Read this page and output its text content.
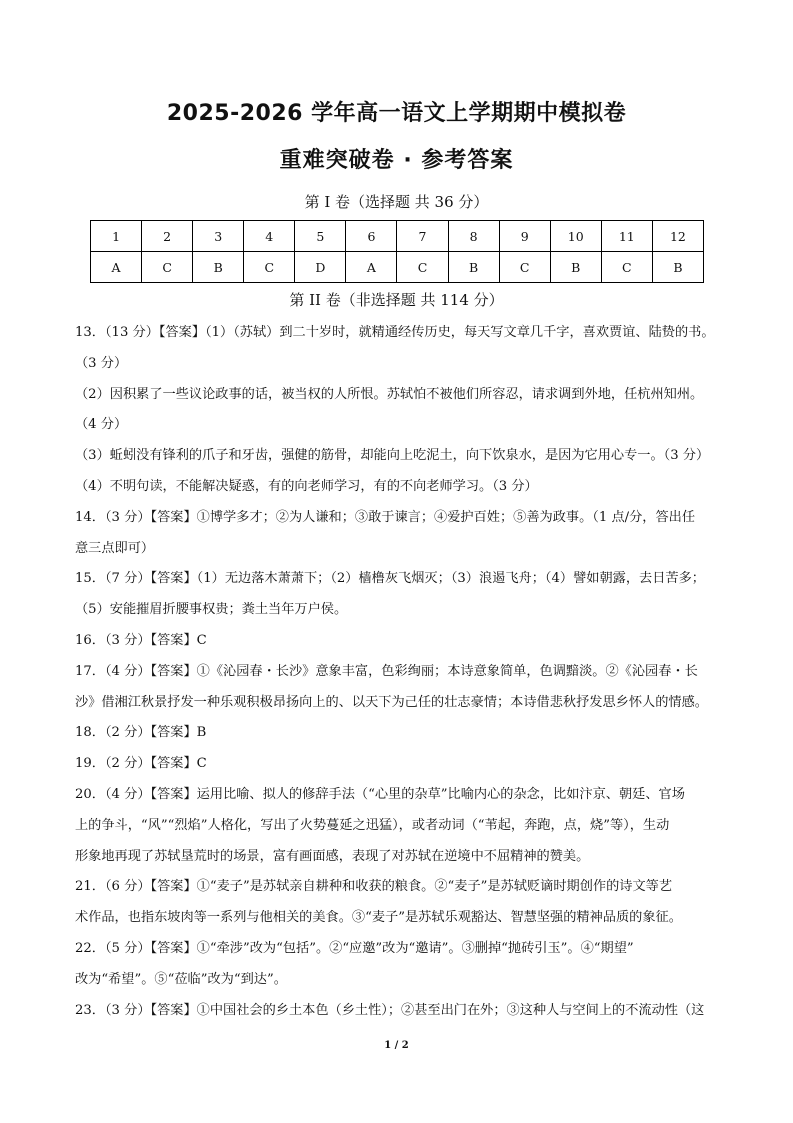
2025-2026 学年高一语文上学期期中模拟卷
重难突破卷 · 参考答案
第 I 卷（选择题 共 36 分）
1	2	3	4	5	6	7	8	9	10	11	12
A	C	B	C	D	A	C	B	C	B	C	B
第 II 卷（非选择题 共 114 分）

13．（13 分）【答案】（1）（苏轼）到二十岁时，就精通经传历史，每天写文章几千字，喜欢贾谊、陆贽的书。

（3 分）

（2）因积累了一些议论政事的话，被当权的人所恨。苏轼怕不被他们所容忍，请求调到外地，任杭州知州。

（4 分）

（3）蚯蚓没有锋利的爪子和牙齿，强健的筋骨，却能向上吃泥土，向下饮泉水，是因为它用心专一。（3 分）

（4）不明句读，不能解决疑惑，有的向老师学习，有的不向老师学习。（3 分）

14．（3 分）【答案】①博学多才；②为人谦和；③敢于谏言；④爱护百姓；⑤善为政事。（1 点/分，答出任

意三点即可）

15．（7 分）【答案】（1）无边落木萧萧下；（2）樯橹灰飞烟灭；（3）浪遏飞舟；（4）譬如朝露，去日苦多；

（5）安能摧眉折腰事权贵；粪土当年万户侯。

16．（3 分）【答案】C

17．（4 分）【答案】①《沁园春・长沙》意象丰富，色彩绚丽；本诗意象简单，色调黯淡。②《沁园春・长

沙》借湘江秋景抒发一种乐观积极昂扬向上的、以天下为己任的壮志豪情；本诗借悲秋抒发思乡怀人的情感。

18．（2 分）【答案】B

19．（2 分）【答案】C

20．（4 分）【答案】运用比喻、拟人的修辞手法（“心里的杂草”比喻内心的杂念，比如汴京、朝廷、官场

上的争斗，“风”“烈焰”人格化，写出了火势蔓延之迅猛），或者动词（“苇起，奔跑，点，烧”等），生动

形象地再现了苏轼垦荒时的场景，富有画面感，表现了对苏轼在逆境中不屈精神的赞美。

21．（6 分）【答案】①“麦子”是苏轼亲自耕种和收获的粮食。②“麦子”是苏轼贬谪时期创作的诗文等艺

术作品，也指东坡肉等一系列与他相关的美食。③“麦子”是苏轼乐观豁达、智慧坚强的精神品质的象征。

22．（5 分）【答案】①“牵涉”改为“包括”。②“应邀”改为“邀请”。③删掉“抛砖引玉”。④“期望”

改为“希望”。⑤“莅临”改为“到达”。

23．（3 分）【答案】①中国社会的乡土本色（乡土性）；②甚至出门在外；③这种人与空间上的不流动性（这

1 / 2
